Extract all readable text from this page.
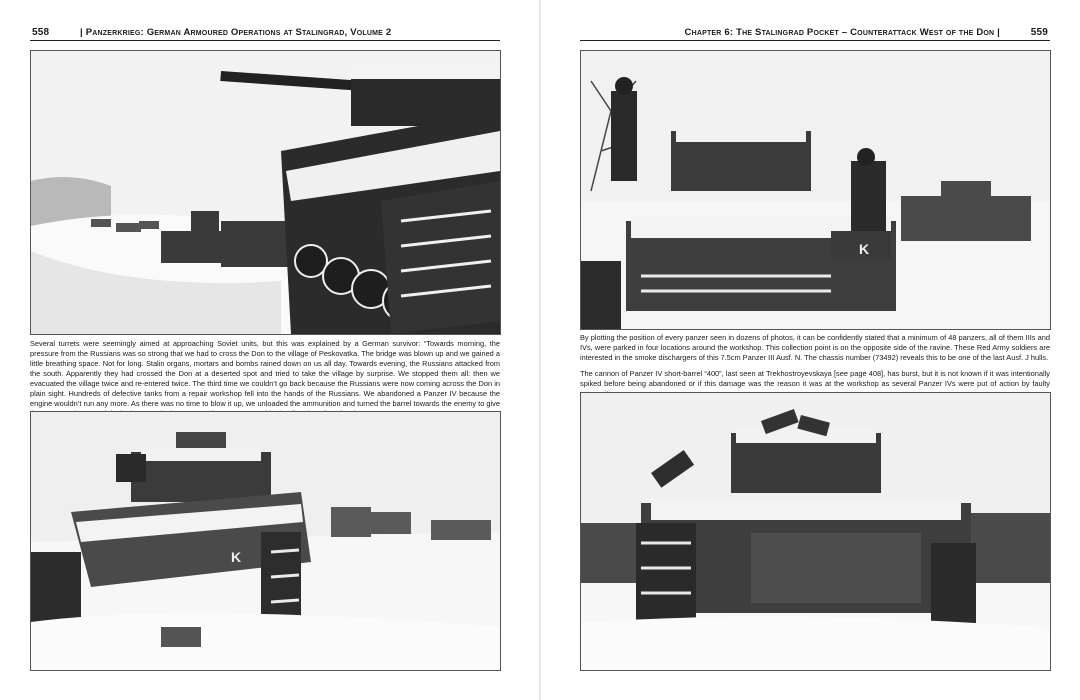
558	| Panzerkrieg: German Armoured Operations at Stalingrad, Volume 2	Chapter 6: The Stalingrad Pocket – Counterattack West of the Don |	559

Several turrets were seemingly aimed at approaching Soviet units, but this was explained by a German survivor: “Towards morning, the pressure from the Russians was so strong that we had to cross the Don to the village of Peskovatka. The bridge was blown up and we gained a little breathing space. Not for long. Stalin organs, mortars and bombs rained down on us all day. Towards evening, the Russians attacked from the south. Apparently they had crossed the Don at a deserted spot and tried to take the village by surprise. We stopped them all: then we evacuated the village twice and re-entered twice. The third time we couldn’t go back because the Russians were now coming across the Don in plain sight. Hundreds of defective tanks from a repair workshop fell into the hands of the Russians. We abandoned a Panzer IV because the engine wouldn’t run any more. As there was no time to blow it up, we unloaded the ammunition and turned the barrel towards the enemy to give

K
K

By plotting the position of every panzer seen in dozens of photos, it can be confidently stated that a minimum of 48 panzers, all of them IIIs and IVs, were parked in four locations around the workshop. This collection point is on the opposite side of the ravine. These Red Army soldiers are interested in the smoke dischargers of this 7.5cm Panzer III Ausf. N. The chassis number (73492) reveals this to be one of the last Ausf. J hulls.

The cannon of Panzer IV short-barrel “400”, last seen at Trekhostroyevskaya [see page 408], has burst, but it is not known if it was intentionally spiked before being abandoned or if this damage was the reason it was at the workshop as several Panzer IVs were put of action by faulty
